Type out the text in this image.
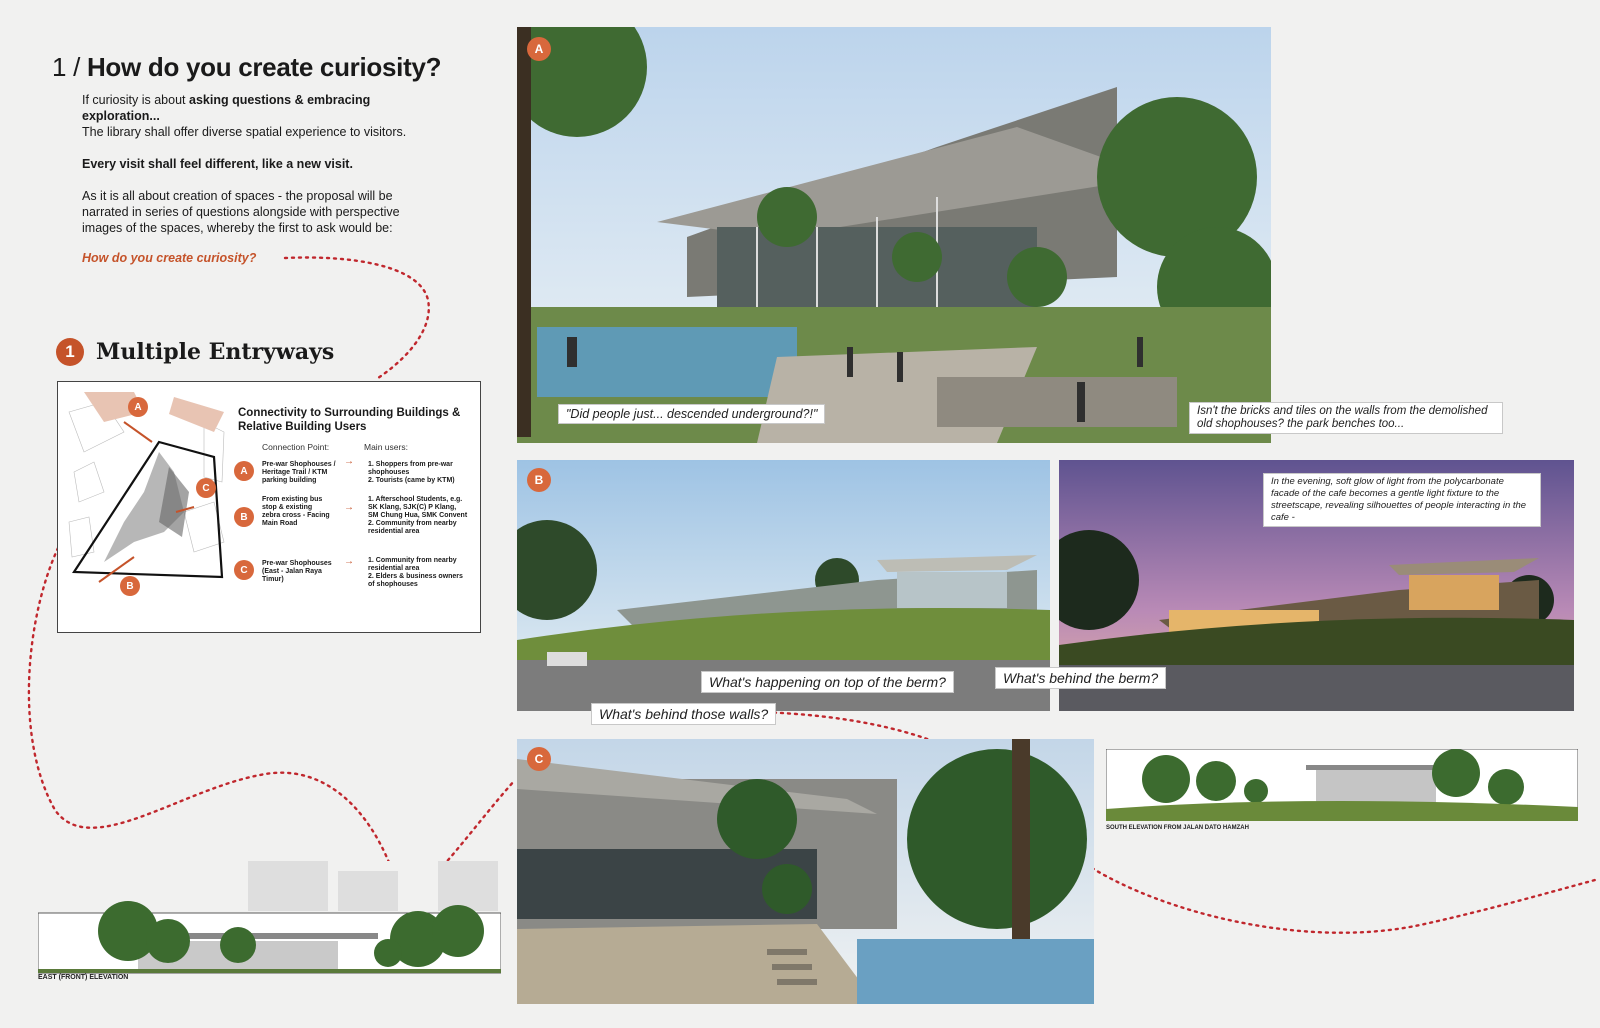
1 / How do you create curiosity?

If curiosity is about asking questions & embracing exploration...
The library shall offer diverse spatial experience to visitors.

Every visit shall feel different, like a new visit.

As it is all about creation of spaces - the proposal will be narrated in series of questions alongside with perspective images of the spaces, whereby the first to ask would be:

How do you create curiosity?
1 Multiple Entryways
A
C
B
Connectivity to Surrounding Buildings & Relative Building Users
Connection Point:	Main users:
A
Pre-war Shophouses / Heritage Trail / KTM parking building
→ 1. Shoppers from pre-war shophouses
2. Tourists (came by KTM)
B
From existing bus stop & existing zebra cross - Facing Main Road
→
1. Afterschool Students, e.g. SK Klang, SJK(C) P Klang, SM Chung Hua, SMK Convent
2. Community from nearby residential area
C
Pre-war Shophouses (East - Jalan Raya Timur)
→ 1. Community from nearby residential area
2. Elders & business owners of shophouses
EAST (FRONT) ELEVATION
A
"Did people just... descended underground?!"	Isn't the bricks and tiles on the walls from the demolished old shophouses? the park benches too...
B
What's happening on top of the berm?
What's behind those walls?
In the evening, soft glow of light from the polycarbonate facade of the cafe becomes a gentle light fixture to the streetscape, revealing silhouettes of people interacting in the cafe -
What's behind the berm?
C
SOUTH ELEVATION FROM JALAN DATO HAMZAH
